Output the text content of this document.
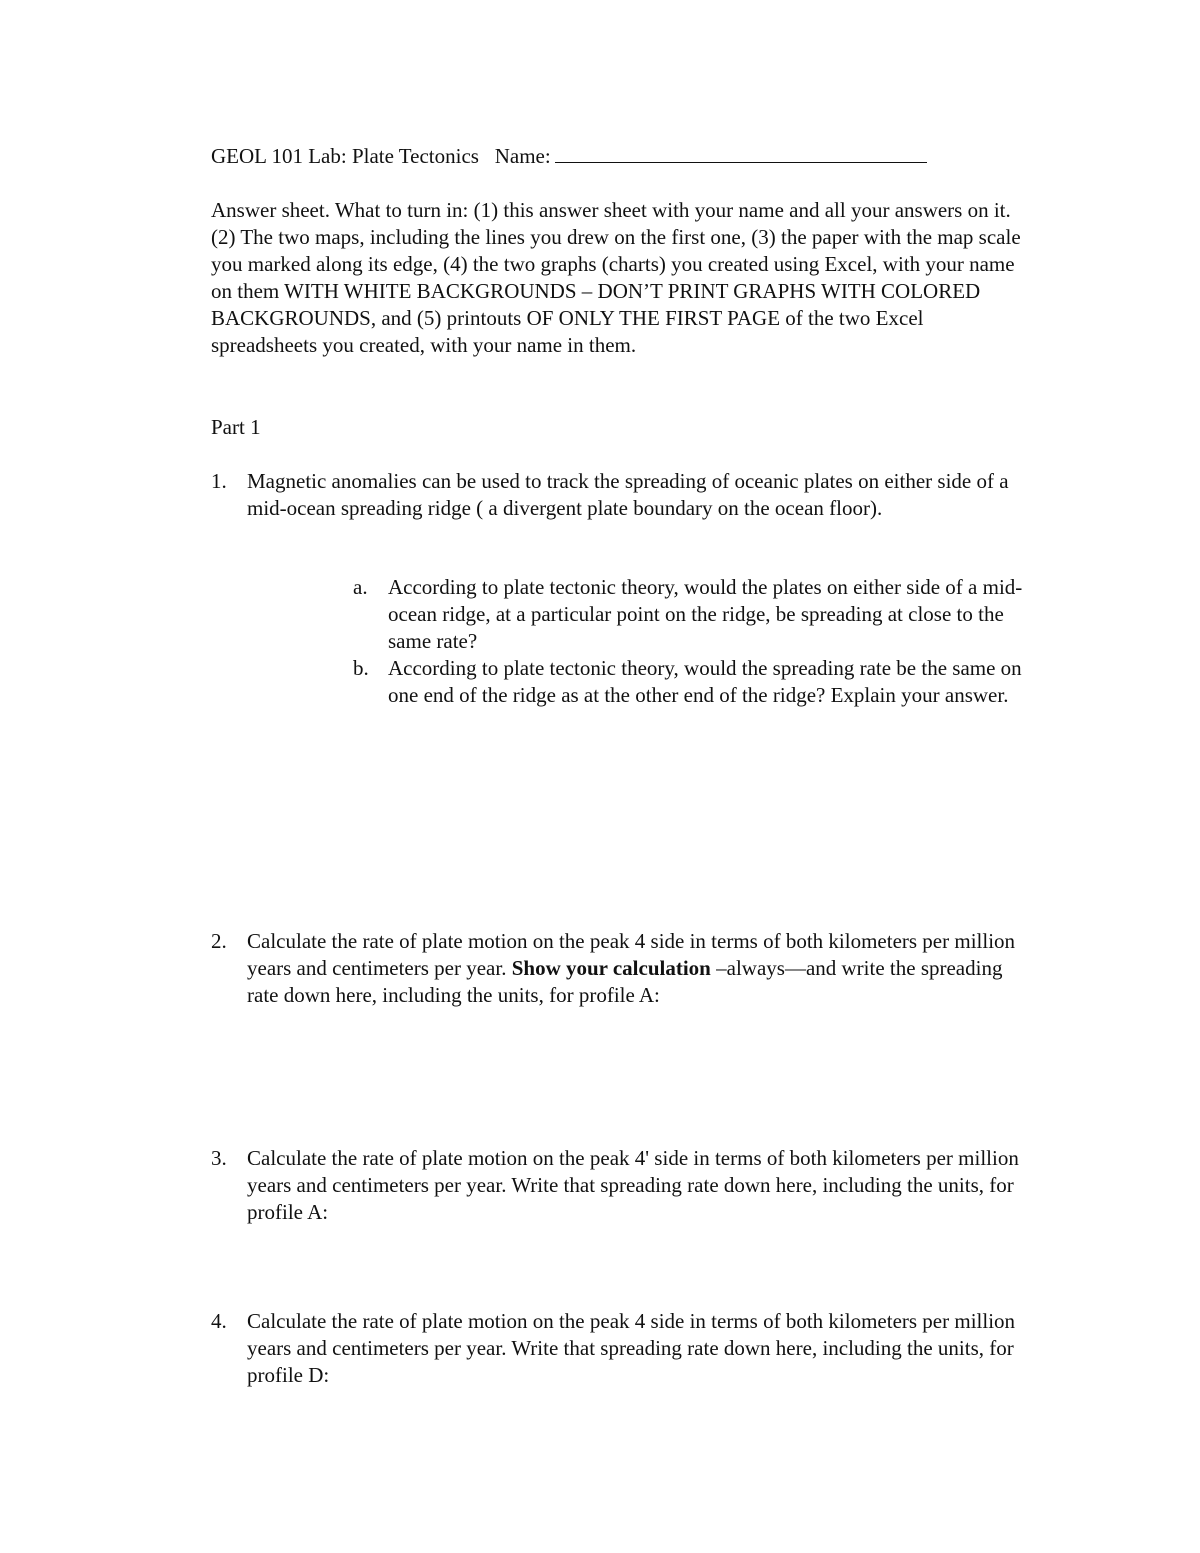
GEOL 101 Lab: Plate Tectonics Name:

Answer sheet. What to turn in: (1) this answer sheet with your name and all your answers on it. (2) The two maps, including the lines you drew on the first one, (3) the paper with the map scale you marked along its edge, (4) the two graphs (charts) you created using Excel, with your name on them WITH WHITE BACKGROUNDS – DON’T PRINT GRAPHS WITH COLORED BACKGROUNDS, and (5) printouts OF ONLY THE FIRST PAGE of the two Excel spreadsheets you created, with your name in them.

Part 1

1. Magnetic anomalies can be used to track the spreading of oceanic plates on either side of a mid-ocean spreading ridge ( a divergent plate boundary on the ocean floor).
a. According to plate tectonic theory, would the plates on either side of a mid-ocean ridge, at a particular point on the ridge, be spreading at close to the same rate?
b. According to plate tectonic theory, would the spreading rate be the same on one end of the ridge as at the other end of the ridge? Explain your answer.
2. Calculate the rate of plate motion on the peak 4 side in terms of both kilometers per million years and centimeters per year. Show your calculation –always—and write the spreading rate down here, including the units, for profile A:
3. Calculate the rate of plate motion on the peak 4' side in terms of both kilometers per million years and centimeters per year. Write that spreading rate down here, including the units, for profile A:
4. Calculate the rate of plate motion on the peak 4 side in terms of both kilometers per million years and centimeters per year. Write that spreading rate down here, including the units, for profile D:
